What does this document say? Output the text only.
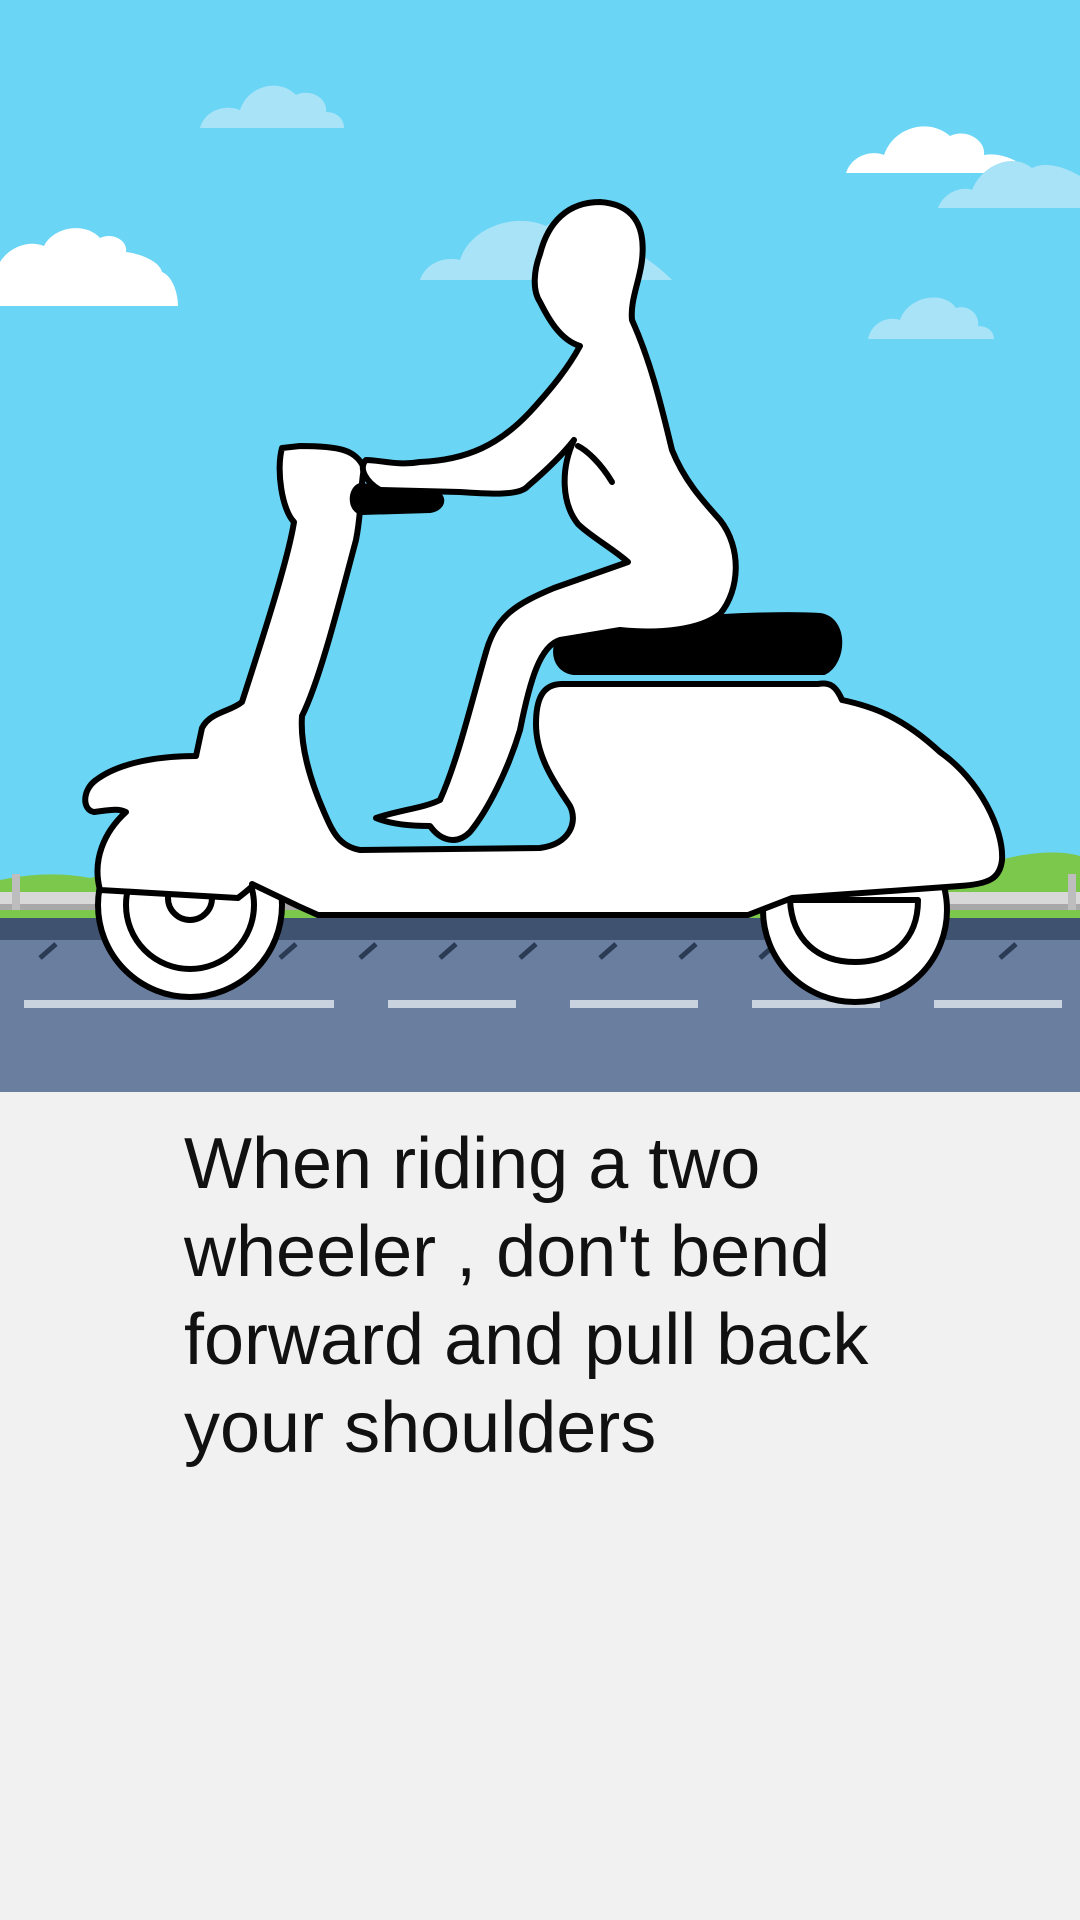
When riding a two wheeler , don't bend forward and pull back your shoulders
